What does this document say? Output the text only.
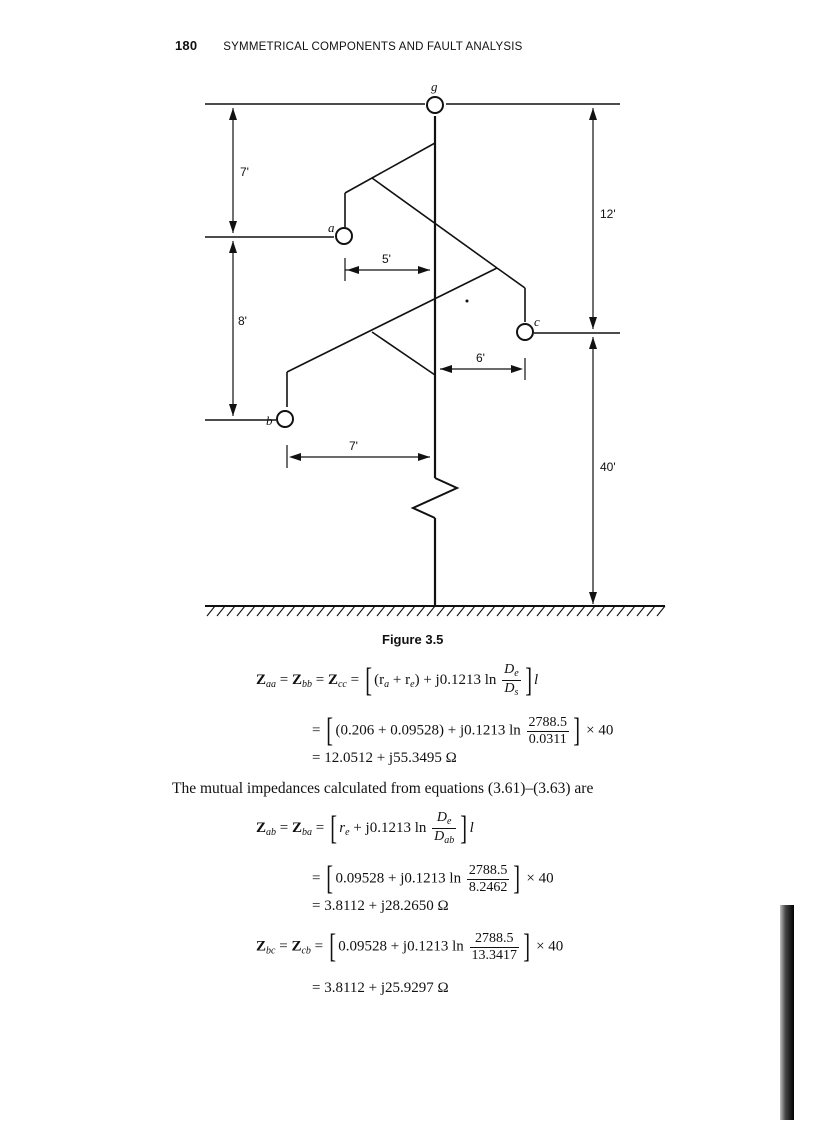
180 SYMMETRICAL COMPONENTS AND FAULT ANALYSIS
g
a
c
b
7'
8'
12'
40'
5'
6'
7'
Figure 3.5
$Z_{aa} = Z_{bb} = Z_{cc}$ = [ $(r_a + r_e) + j0.1213$ $\ln \frac{D_e}{D_s}$ ] l
= [ (0.206 + 0.09528) + j0.1213 $\ln \frac{2788.5}{0.0311}$ ] × 40
= 12.0512 + j55.3495 Ω
The mutual impedances calculated from equations (3.61)–(3.63) are
$Z_{ab} = Z_{ba}$ = [ $r_e + j0.1213$ $\ln \frac{D_e}{D_{ab}}$ ] l
= [ 0.09528 + j0.1213 $\ln \frac{2788.5}{8.2462}$ ] × 40
= 3.8112 + j28.2650 Ω
$Z_{bc} = Z_{cb}$ = [ 0.09528 + j0.1213 $\ln \frac{2788.5}{13.3417}$ ] × 40
= 3.8112 + j25.9297 Ω
